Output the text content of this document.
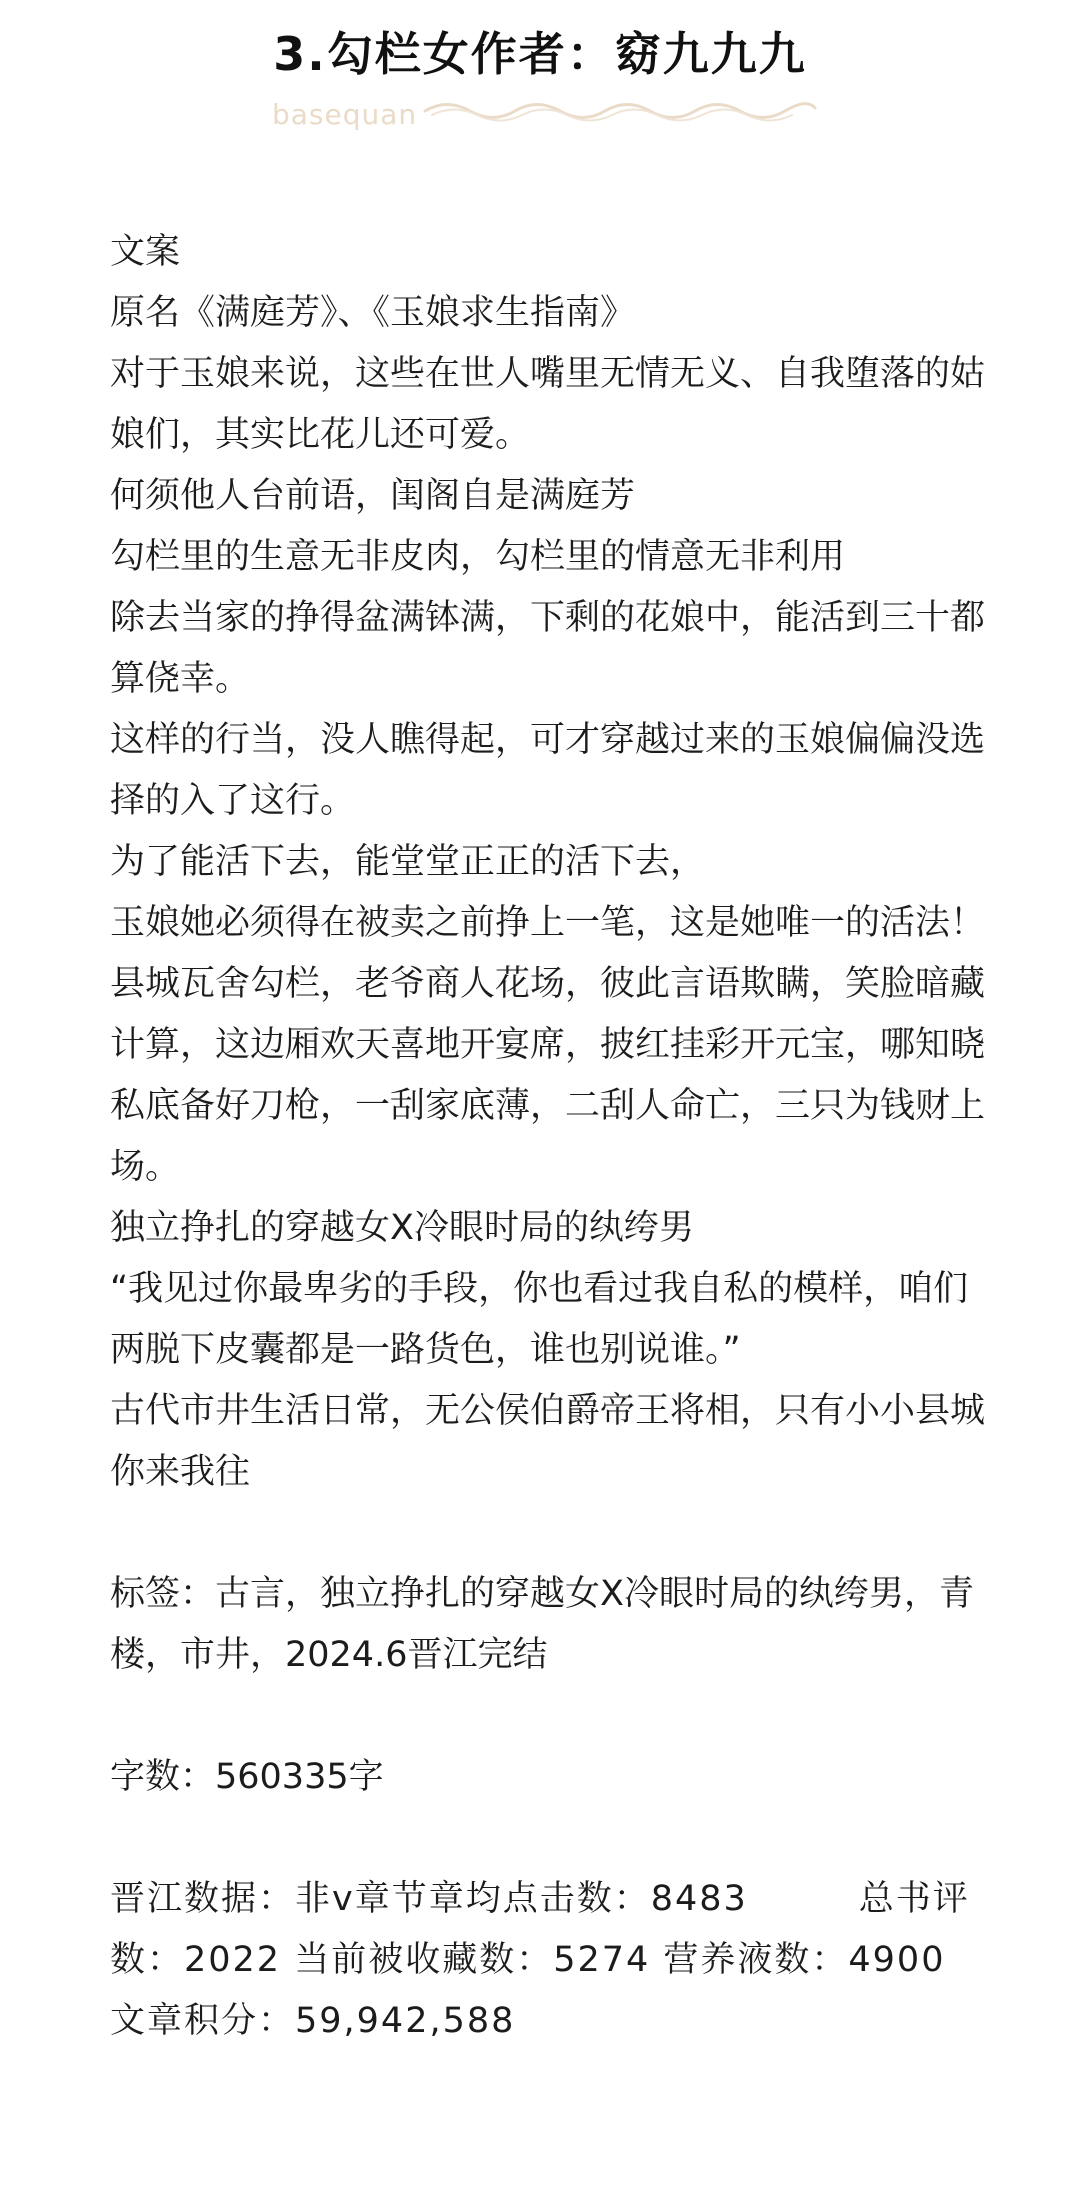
3.勾栏女作者：窈九九九
basequan

文案

原名《满庭芳》、《玉娘求生指南》

对于玉娘来说，这些在世人嘴里无情无义、自我堕落的姑娘们，其实比花儿还可爱。

何须他人台前语，闺阁自是满庭芳

勾栏里的生意无非皮肉，勾栏里的情意无非利用

除去当家的挣得盆满钵满，下剩的花娘中，能活到三十都算侥幸。

这样的行当，没人瞧得起，可才穿越过来的玉娘偏偏没选择的入了这行。

为了能活下去，能堂堂正正的活下去，

玉娘她必须得在被卖之前挣上一笔，这是她唯一的活法！

县城瓦舍勾栏，老爷商人花场，彼此言语欺瞒，笑脸暗藏计算，这边厢欢天喜地开宴席，披红挂彩开元宝，哪知晓私底备好刀枪，一刮家底薄，二刮人命亡，三只为钱财上场。

独立挣扎的穿越女X冷眼时局的纨绔男

“我见过你最卑劣的手段，你也看过我自私的模样，咱们两脱下皮囊都是一路货色，谁也别说谁。”

古代市井生活日常，无公侯伯爵帝王将相，只有小小县城你来我往

标签：古言，独立挣扎的穿越女X冷眼时局的纨绔男，青楼，市井，2024.6晋江完结

字数：560335字

晋江数据：非v章节章均点击数：8483　　　总书评数：2022 当前被收藏数：5274 营养液数：4900 文章积分：59,942,588
